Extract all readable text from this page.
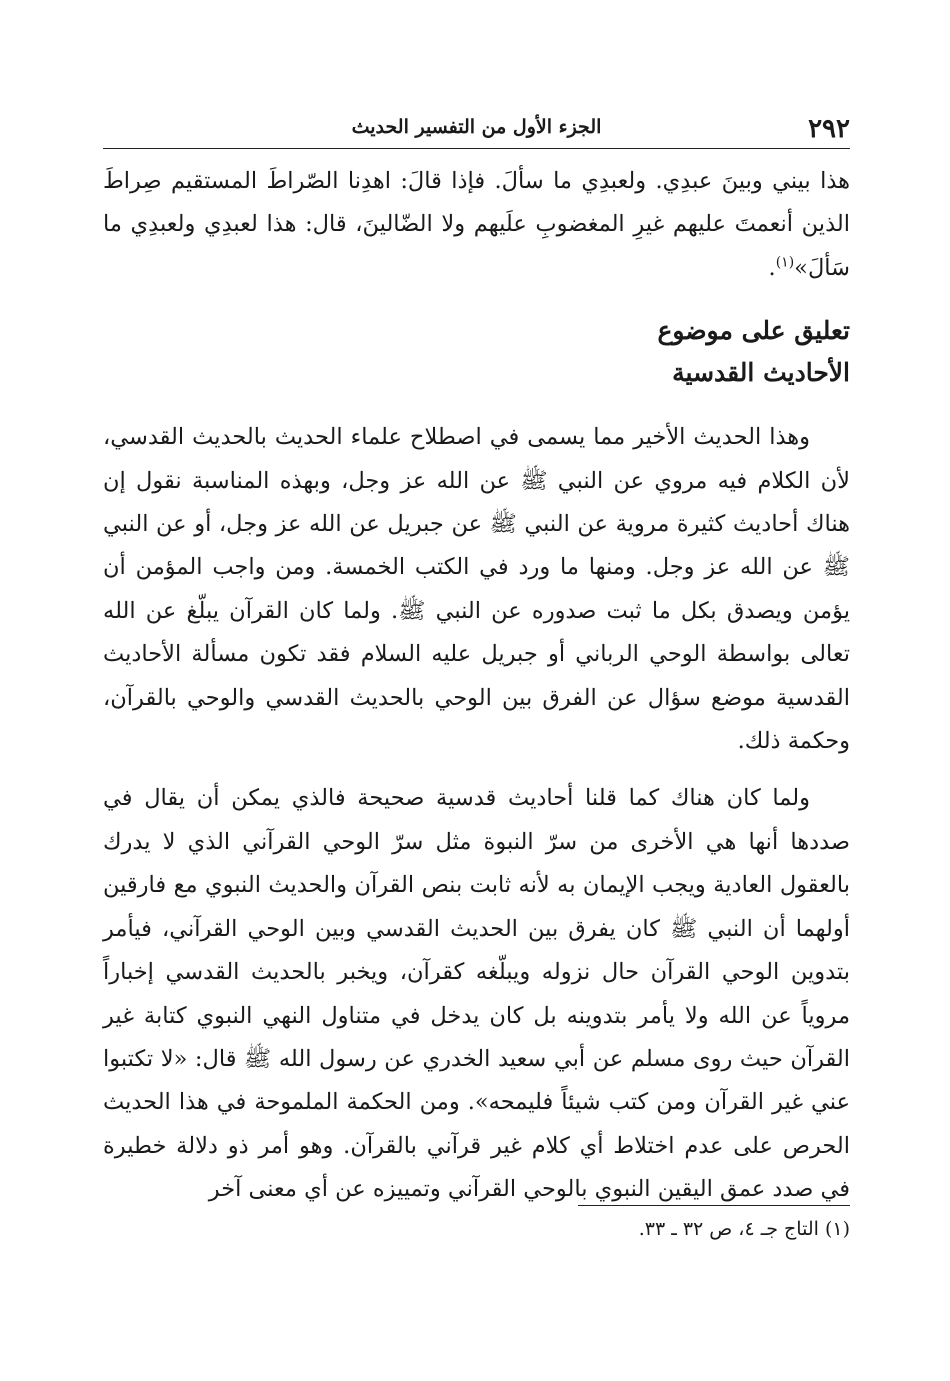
٢٩٢
الجزء الأول من التفسير الحديث

هذا بيني وبينَ عبدِي. ولعبدِي ما سألَ. فإذا قالَ: اهدِنا الصّراطَ المستقيم صِراطَ الذين أنعمتَ عليهم غيرِ المغضوبِ علَيهم ولا الضّالينَ، قال: هذا لعبدِي ولعبدِي ما سَألَ»$^{(١)}$.

تعليق على موضوع
الأحاديث القدسية

وهذا الحديث الأخير مما يسمى في اصطلاح علماء الحديث بالحديث القدسي، لأن الكلام فيه مروي عن النبي ﷺ عن الله عز وجل، وبهذه المناسبة نقول إن هناك أحاديث كثيرة مروية عن النبي ﷺ عن جبريل عن الله عز وجل، أو عن النبي ﷺ عن الله عز وجل. ومنها ما ورد في الكتب الخمسة. ومن واجب المؤمن أن يؤمن ويصدق بكل ما ثبت صدوره عن النبي ﷺ. ولما كان القرآن يبلّغ عن الله تعالى بواسطة الوحي الرباني أو جبريل عليه السلام فقد تكون مسألة الأحاديث القدسية موضع سؤال عن الفرق بين الوحي بالحديث القدسي والوحي بالقرآن، وحكمة ذلك.

ولما كان هناك كما قلنا أحاديث قدسية صحيحة فالذي يمكن أن يقال في صددها أنها هي الأخرى من سرّ النبوة مثل سرّ الوحي القرآني الذي لا يدرك بالعقول العادية ويجب الإيمان به لأنه ثابت بنص القرآن والحديث النبوي مع فارقين أولهما أن النبي ﷺ كان يفرق بين الحديث القدسي وبين الوحي القرآني، فيأمر بتدوين الوحي القرآن حال نزوله ويبلّغه كقرآن، ويخبر بالحديث القدسي إخباراً مروياً عن الله ولا يأمر بتدوينه بل كان يدخل في متناول النهي النبوي كتابة غير القرآن حيث روى مسلم عن أبي سعيد الخدري عن رسول الله ﷺ قال: «لا تكتبوا عني غير القرآن ومن كتب شيئاً فليمحه». ومن الحكمة الملموحة في هذا الحديث الحرص على عدم اختلاط أي كلام غير قرآني بالقرآن. وهو أمر ذو دلالة خطيرة في صدد عمق اليقين النبوي بالوحي القرآني وتمييزه عن أي معنى آخر

(١) التاج جـ ٤، ص ٣٢ ـ ٣٣.
